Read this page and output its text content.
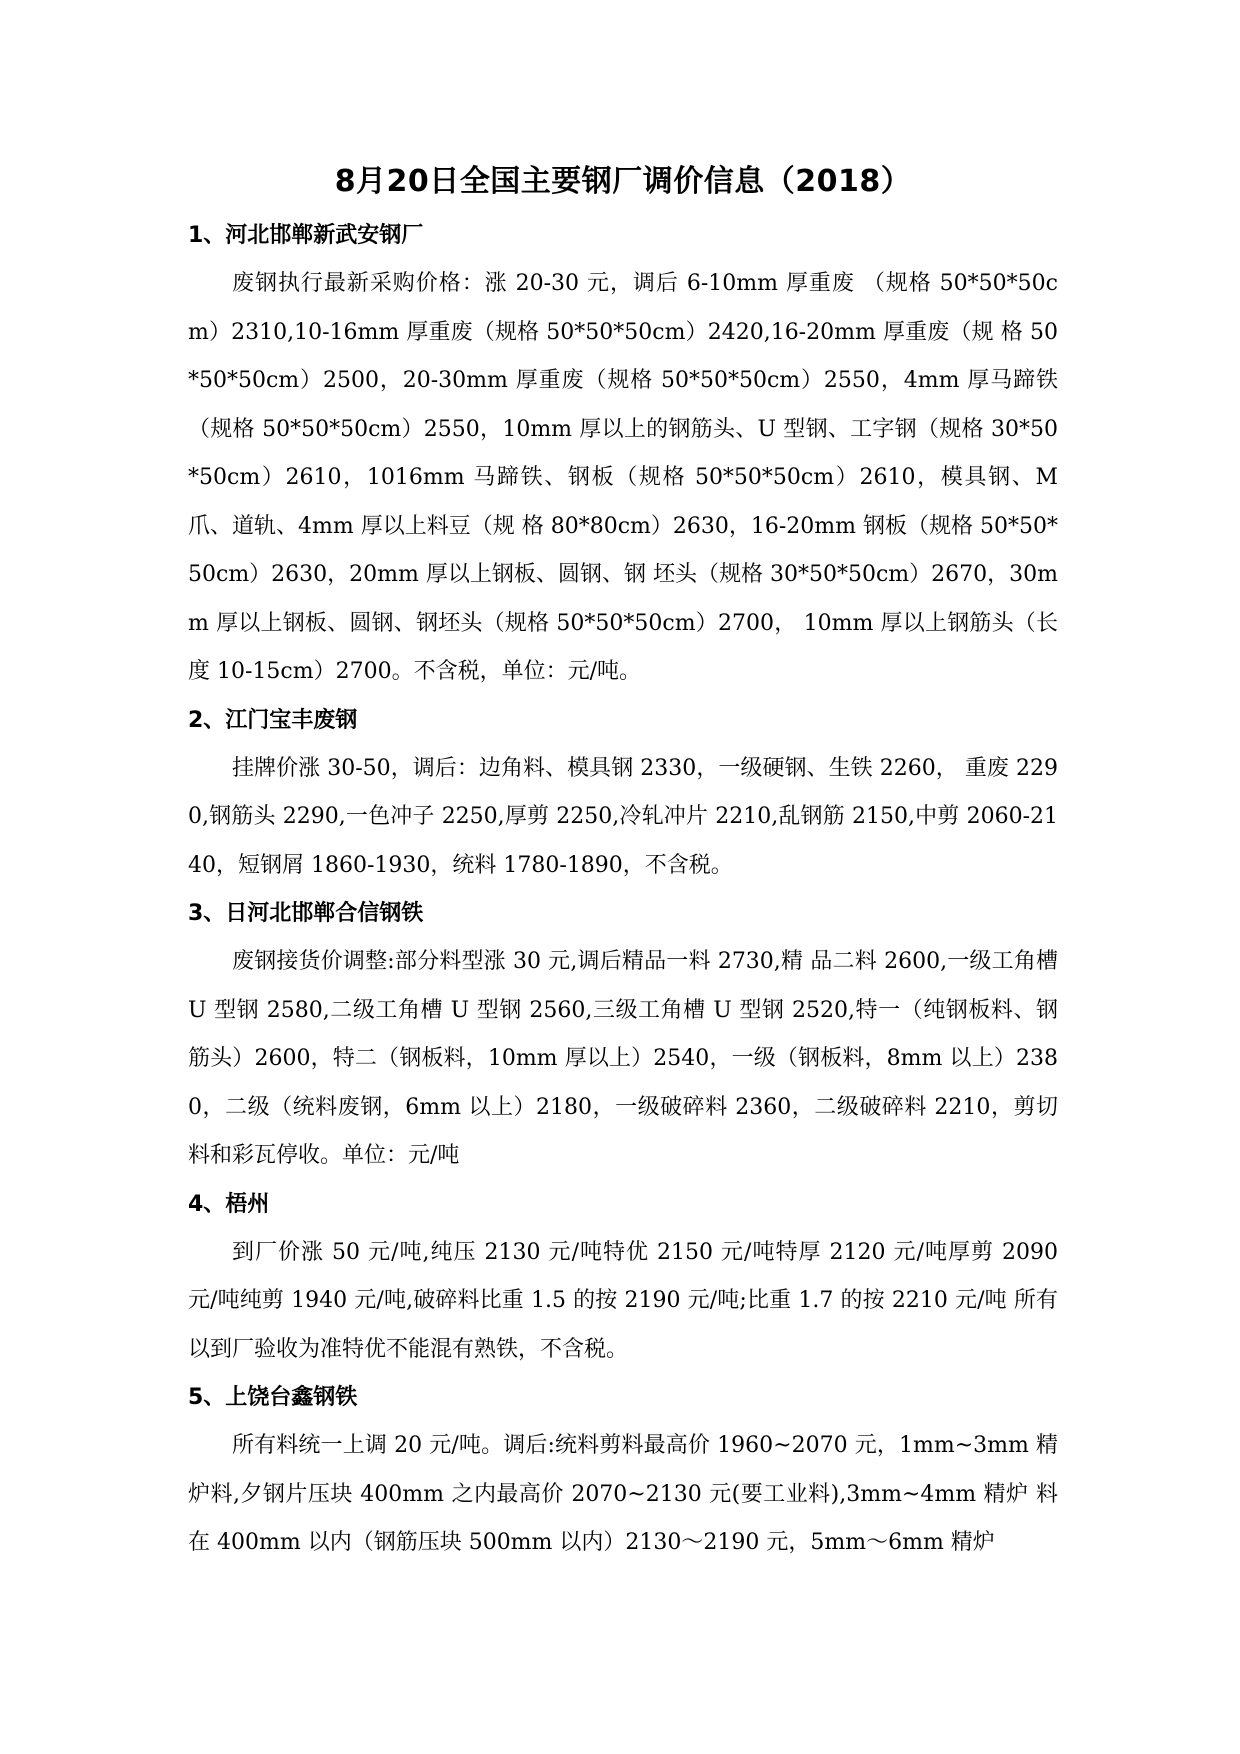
8月20日全国主要钢厂调价信息（2018）
1、河北邯郸新武安钢厂

废钢执行最新采购价格：涨 20-30 元，调后 6-10mm 厚重废 （规格 50*50*50cm）2310,10-16mm 厚重废（规格 50*50*50cm）2420,16-20mm 厚重废（规 格 50*50*50cm）2500，20-30mm 厚重废（规格 50*50*50cm）2550，4mm 厚马蹄铁（规格 50*50*50cm）2550，10mm 厚以上的钢筋头、U 型钢、工字钢（规格 30*50*50cm）2610，1016mm 马蹄铁、钢板（规格 50*50*50cm）2610，模具钢、M 爪、道轨、4mm 厚以上料豆（规 格 80*80cm）2630，16-20mm 钢板（规格 50*50*50cm）2630，20mm 厚以上钢板、圆钢、钢 坯头（规格 30*50*50cm）2670，30mm 厚以上钢板、圆钢、钢坯头（规格 50*50*50cm）2700， 10mm 厚以上钢筋头（长度 10-15cm）2700。不含税，单位：元/吨。

2、江门宝丰废钢

挂牌价涨 30-50，调后：边角料、模具钢 2330，一级硬钢、生铁 2260， 重废 2290,钢筋头 2290,一色冲子 2250,厚剪 2250,冷轧冲片 2210,乱钢筋 2150,中剪 2060-2140，短钢屑 1860-1930，统料 1780-1890，不含税。

3、日河北邯郸合信钢铁

废钢接货价调整:部分料型涨 30 元,调后精品一料 2730,精 品二料 2600,一级工角槽 U 型钢 2580,二级工角槽 U 型钢 2560,三级工角槽 U 型钢 2520,特一（纯钢板料、钢筋头）2600，特二（钢板料，10mm 厚以上）2540，一级（钢板料，8mm 以上）2380，二级（统料废钢，6mm 以上）2180，一级破碎料 2360，二级破碎料 2210，剪切料和彩瓦停收。单位：元/吨

4、梧州

到厂价涨 50 元/吨,纯压 2130 元/吨特优 2150 元/吨特厚 2120 元/吨厚剪 2090 元/吨纯剪 1940 元/吨,破碎料比重 1.5 的按 2190 元/吨;比重 1.7 的按 2210 元/吨 所有以到厂验收为准特优不能混有熟铁，不含税。

5、上饶台鑫钢铁

所有料统一上调 20 元/吨。调后:统料剪料最高价 1960~2070 元，1mm~3mm 精炉料,夕钢片压块 400mm 之内最高价 2070~2130 元(要工业料),3mm~4mm 精炉 料在 400mm 以内（钢筋压块 500mm 以内）2130～2190 元，5mm～6mm 精炉
